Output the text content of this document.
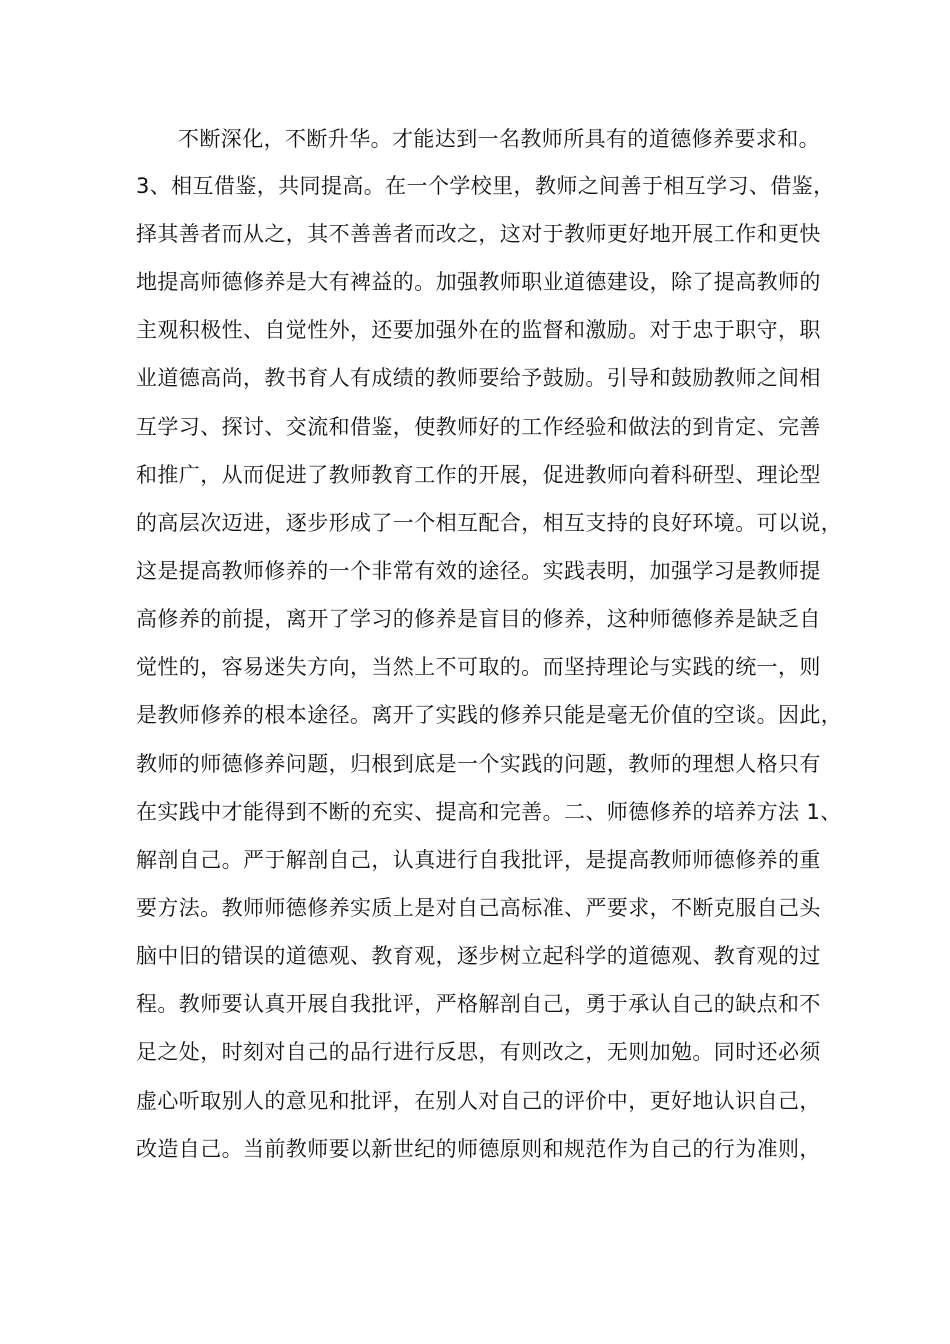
不断深化，不断升华。才能达到一名教师所具有的道德修养要求和。
3、相互借鉴，共同提高。在一个学校里，教师之间善于相互学习、借鉴，
择其善者而从之，其不善善者而改之，这对于教师更好地开展工作和更快
地提高师德修养是大有裨益的。加强教师职业道德建设，除了提高教师的
主观积极性、自觉性外，还要加强外在的监督和激励。对于忠于职守，职
业道德高尚，教书育人有成绩的教师要给予鼓励。引导和鼓励教师之间相
互学习、探讨、交流和借鉴，使教师好的工作经验和做法的到肯定、完善
和推广，从而促进了教师教育工作的开展，促进教师向着科研型、理论型
的高层次迈进，逐步形成了一个相互配合，相互支持的良好环境。可以说，
这是提高教师修养的一个非常有效的途径。实践表明，加强学习是教师提
高修养的前提，离开了学习的修养是盲目的修养，这种师德修养是缺乏自
觉性的，容易迷失方向，当然上不可取的。而坚持理论与实践的统一，则
是教师修养的根本途径。离开了实践的修养只能是毫无价值的空谈。因此，
教师的师德修养问题，归根到底是一个实践的问题，教师的理想人格只有
在实践中才能得到不断的充实、提高和完善。二、师德修养的培养方法 1、
解剖自己。严于解剖自己，认真进行自我批评，是提高教师师德修养的重
要方法。教师师德修养实质上是对自己高标准、严要求，不断克服自己头
脑中旧的错误的道德观、教育观，逐步树立起科学的道德观、教育观的过
程。教师要认真开展自我批评，严格解剖自己，勇于承认自己的缺点和不
足之处，时刻对自己的品行进行反思，有则改之，无则加勉。同时还必须
虚心听取别人的意见和批评，在别人对自己的评价中，更好地认识自己，
改造自己。当前教师要以新世纪的师德原则和规范作为自己的行为准则，
